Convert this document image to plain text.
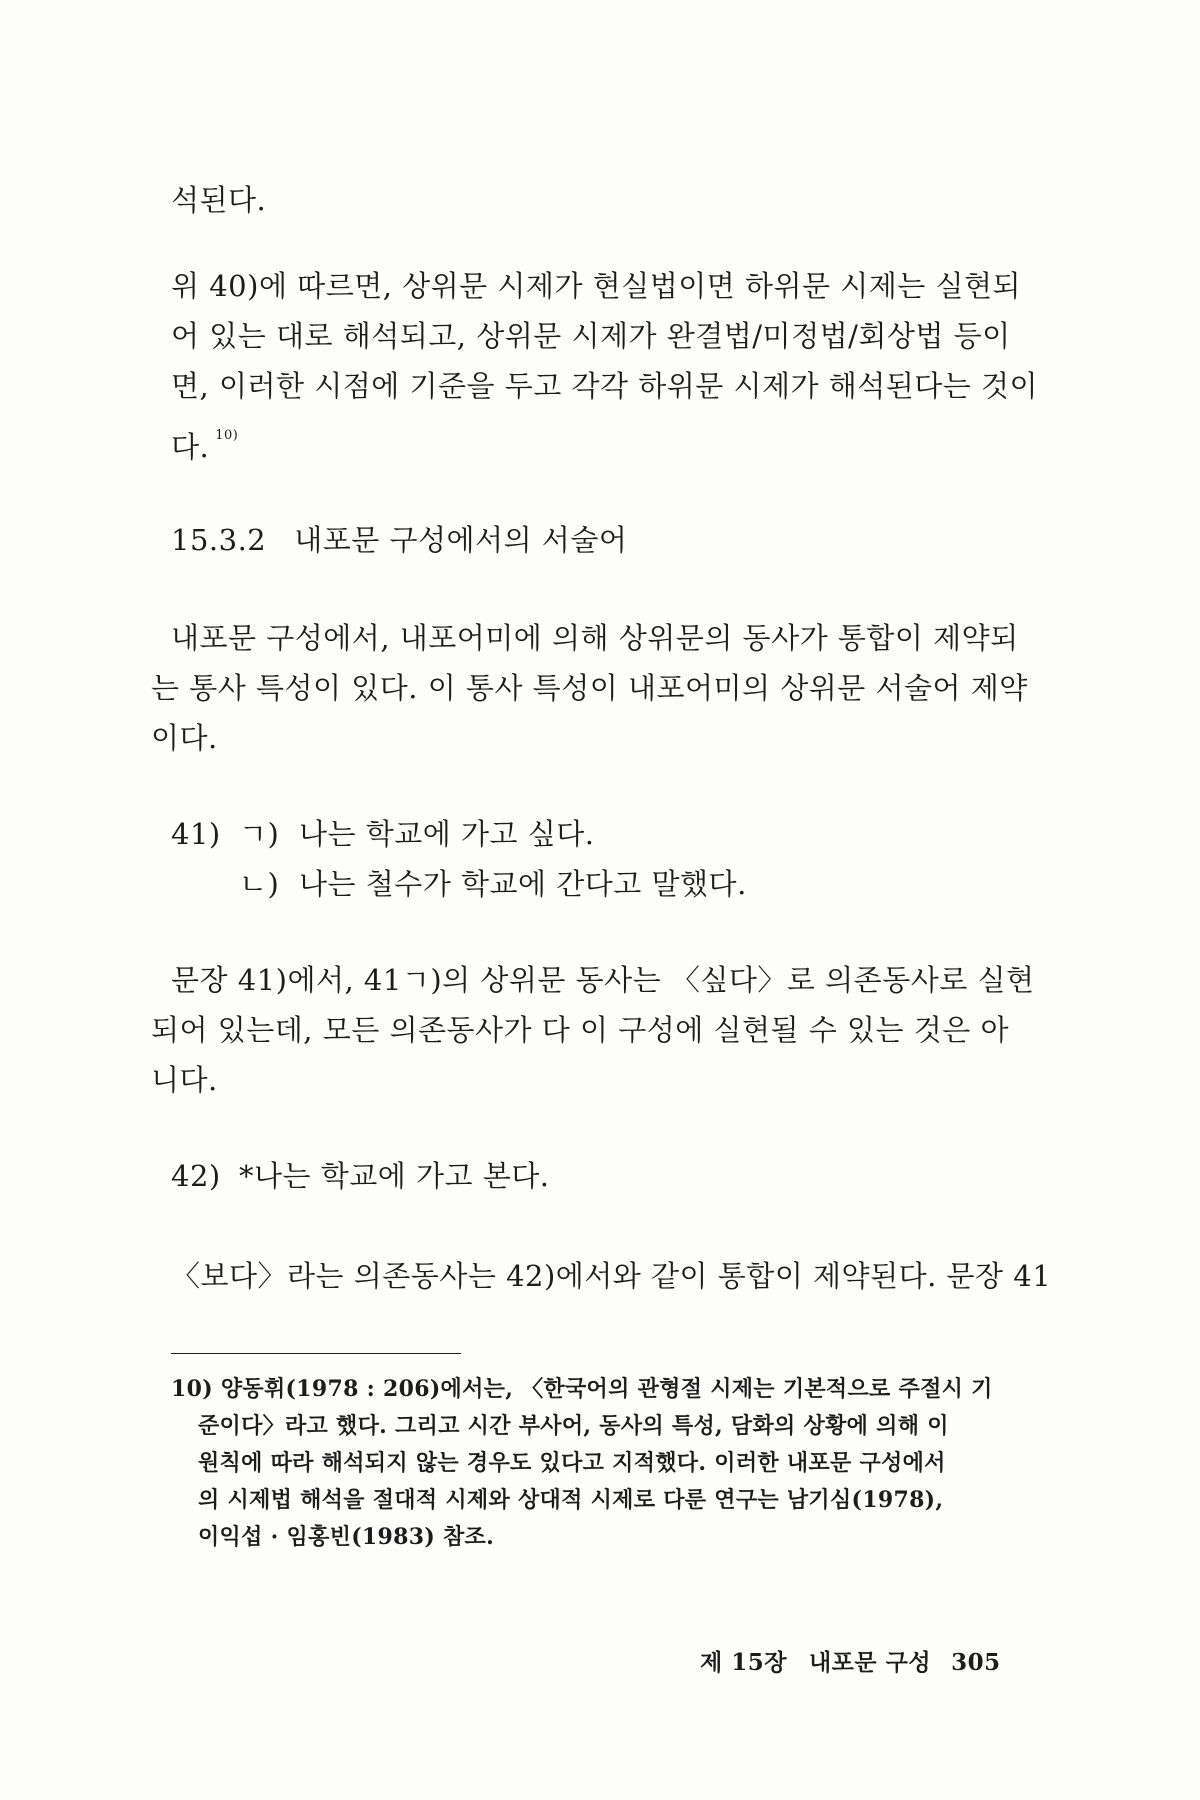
석된다.
위 40)에 따르면, 상위문 시제가 현실법이면 하위문 시제는 실현되
어 있는 대로 해석되고, 상위문 시제가 완결법/미정법/회상법 등이
면, 이러한 시점에 기준을 두고 각각 하위문 시제가 해석된다는 것이
다. $^{10)}$
15.3.2 내포문 구성에서의 서술어
내포문 구성에서, 내포어미에 의해 상위문의 동사가 통합이 제약되
는 통사 특성이 있다. 이 통사 특성이 내포어미의 상위문 서술어 제약
이다.
41) ㄱ) 나는 학교에 가고 싶다.
ㄴ) 나는 철수가 학교에 간다고 말했다.
문장 41)에서, 41ㄱ)의 상위문 동사는 〈싶다〉로 의존동사로 실현
되어 있는데, 모든 의존동사가 다 이 구성에 실현될 수 있는 것은 아
니다.
42) *나는 학교에 가고 본다.
〈보다〉라는 의존동사는 42)에서와 같이 통합이 제약된다. 문장 41
10) 양동휘(1978 : 206)에서는, 〈한국어의 관형절 시제는 기본적으로 주절시 기
준이다〉라고 했다. 그리고 시간 부사어, 동사의 특성, 담화의 상황에 의해 이
원칙에 따라 해석되지 않는 경우도 있다고 지적했다. 이러한 내포문 구성에서
의 시제법 해석을 절대적 시제와 상대적 시제로 다룬 연구는 남기심(1978),
이익섭 · 임홍빈(1983) 참조.
제 15장 내포문 구성 305
